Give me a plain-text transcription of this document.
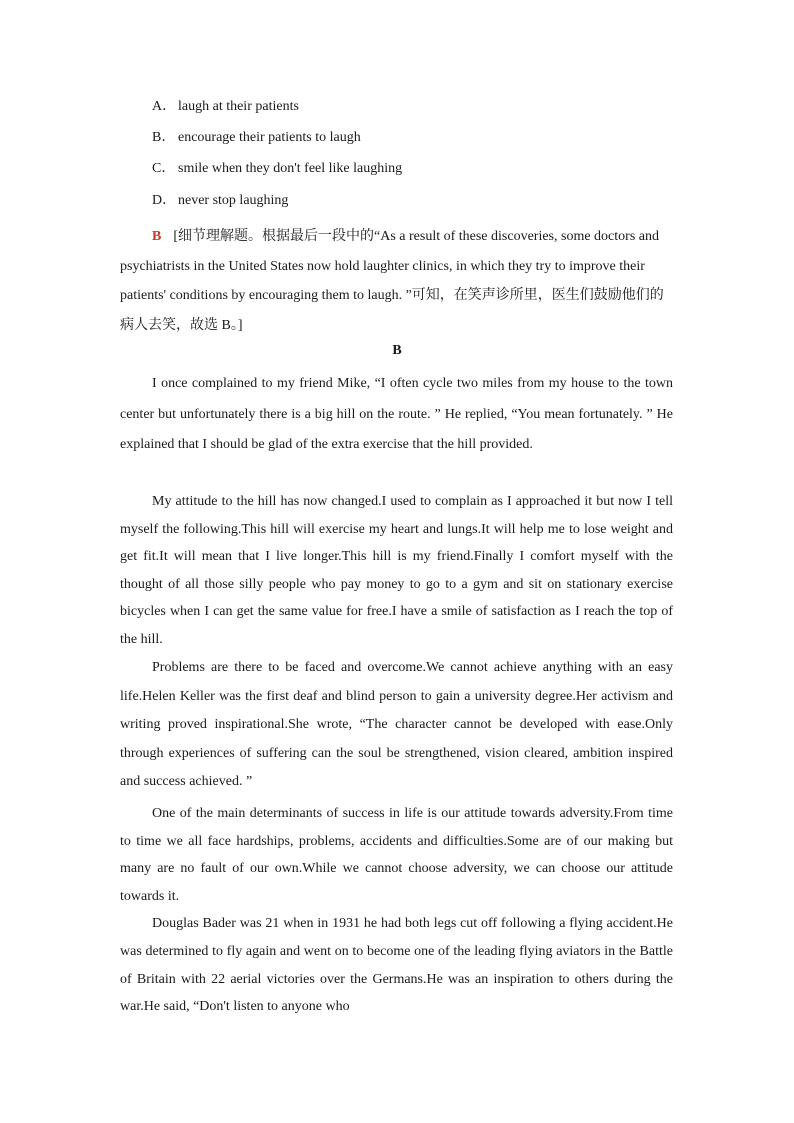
A． laugh at their patients
B． encourage their patients to laugh
C． smile when they don't feel like laughing
D． never stop laughing
B [细节理解题。根据最后一段中的“As a result of these discoveries, some doctors and psychiatrists in the United States now hold laughter clinics, in which they try to improve their patients' conditions by encouraging them to laugh. ”可知，在笑声诊所里，医生们鼓励他们的病人去笑，故选 B。]
B
I once complained to my friend Mike, “I often cycle two miles from my house to the town center but unfortunately there is a big hill on the route. ” He replied, “You mean fortunately. ” He explained that I should be glad of the extra exercise that the hill provided.
My attitude to the hill has now changed.I used to complain as I approached it but now I tell myself the following.This hill will exercise my heart and lungs.It will help me to lose weight and get fit.It will mean that I live longer.This hill is my friend.Finally I comfort myself with the thought of all those silly people who pay money to go to a gym and sit on stationary exercise bicycles when I can get the same value for free.I have a smile of satisfaction as I reach the top of the hill.
Problems are there to be faced and overcome.We cannot achieve anything with an easy life.Helen Keller was the first deaf and blind person to gain a university degree.Her activism and writing proved inspirational.She wrote, “The character cannot be developed with ease.Only through experiences of suffering can the soul be strengthened, vision cleared, ambition inspired and success achieved. ”
One of the main determinants of success in life is our attitude towards adversity.From time to time we all face hardships, problems, accidents and difficulties.Some are of our making but many are no fault of our own.While we cannot choose adversity, we can choose our attitude towards it.
Douglas Bader was 21 when in 1931 he had both legs cut off following a flying accident.He was determined to fly again and went on to become one of the leading flying aviators in the Battle of Britain with 22 aerial victories over the Germans.He was an inspiration to others during the war.He said, “Don't listen to anyone who
